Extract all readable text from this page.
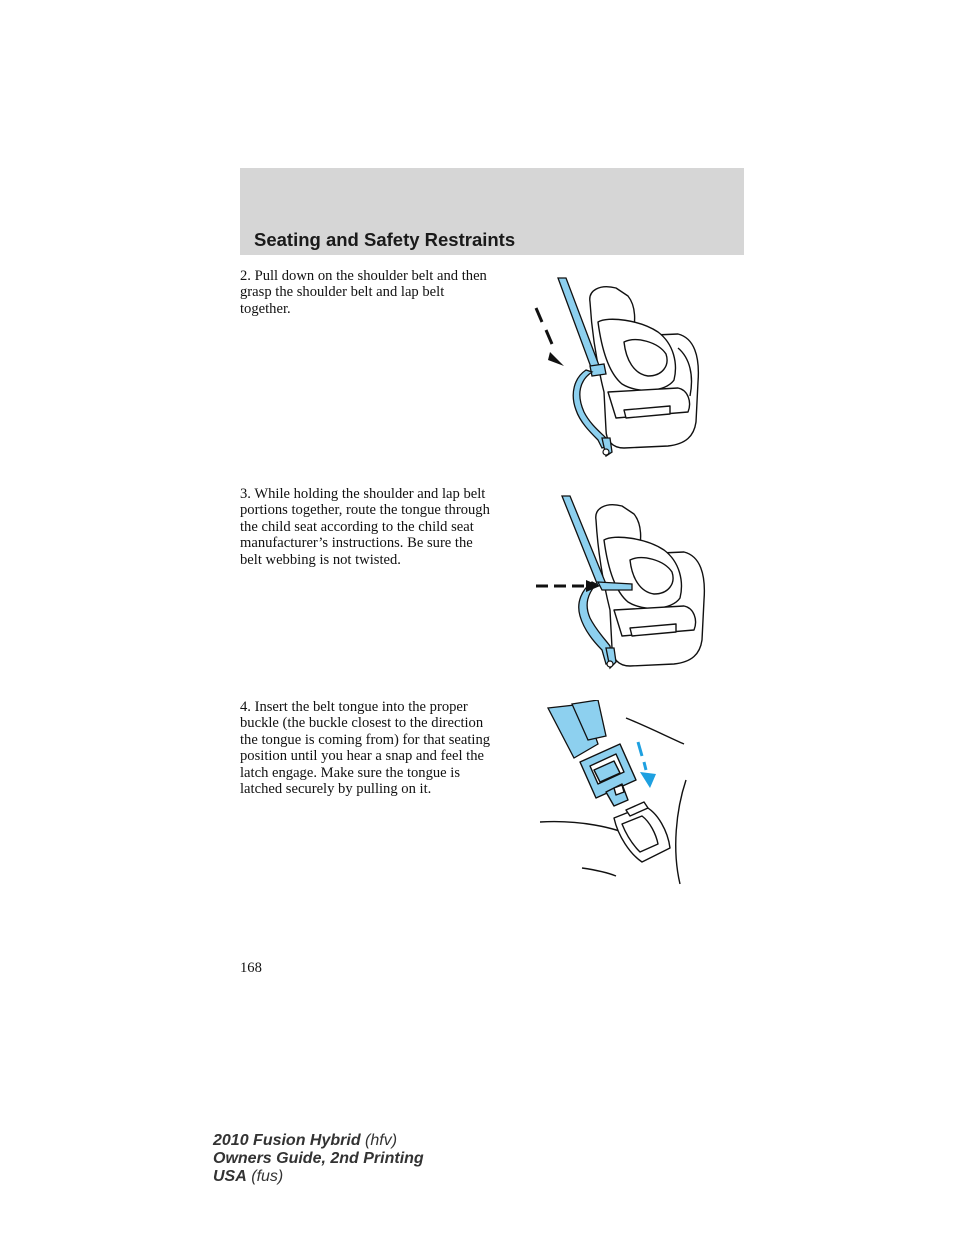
Seating and Safety Restraints

2. Pull down on the shoulder belt and then grasp the shoulder belt and lap belt together.

3. While holding the shoulder and lap belt portions together, route the tongue through the child seat according to the child seat manufacturer’s instructions. Be sure the belt webbing is not twisted.

4. Insert the belt tongue into the proper buckle (the buckle closest to the direction the tongue is coming from) for that seating position until you hear a snap and feel the latch engage. Make sure the tongue is latched securely by pulling on it.

168
2010 Fusion Hybrid (hfv)
Owners Guide, 2nd Printing
USA (fus)
